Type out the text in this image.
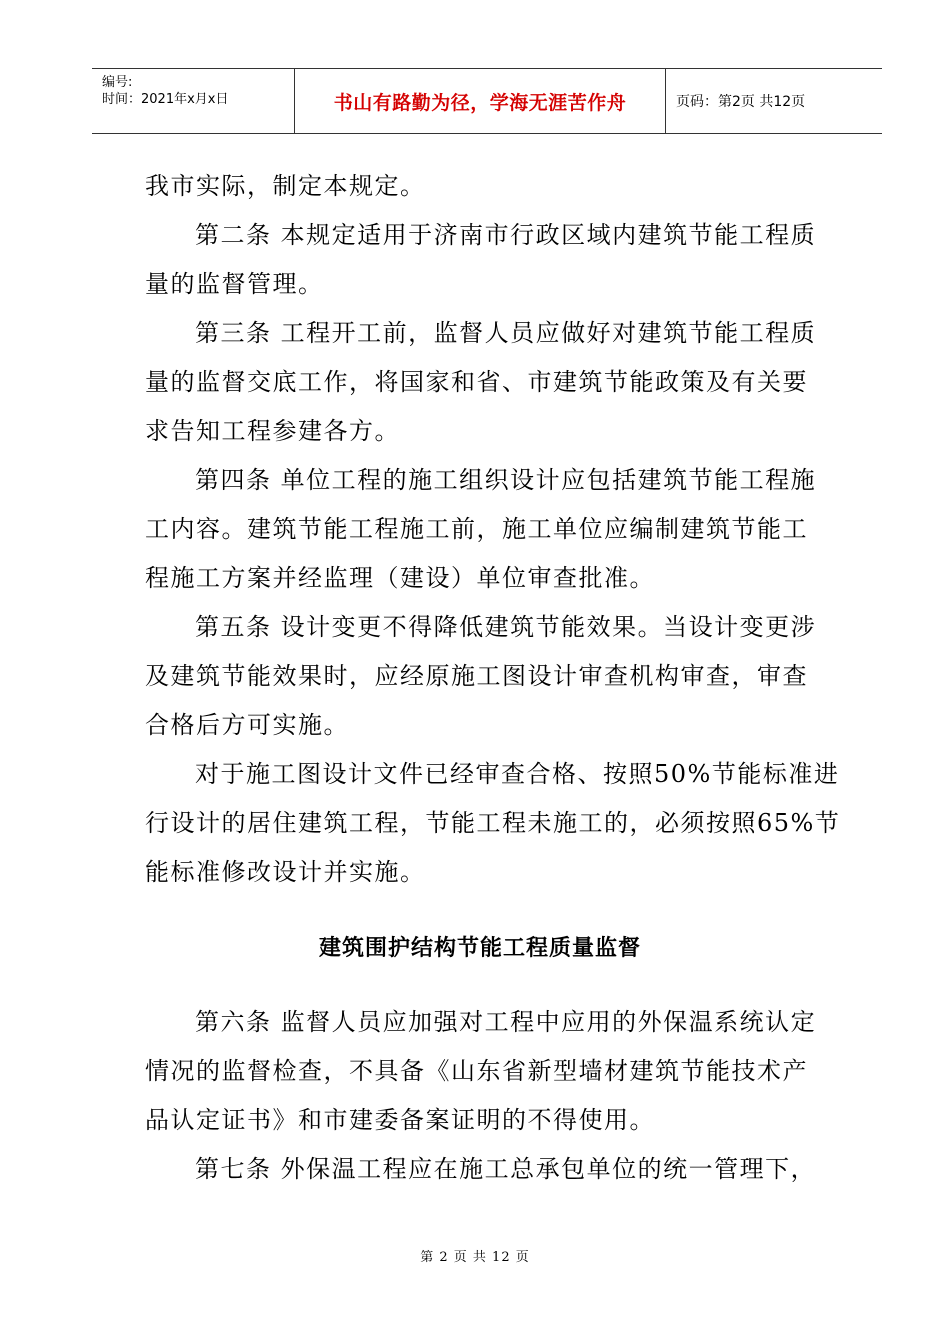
编号:
时间：2021年x月x日	书山有路勤为径，学海无涯苦作舟	页码：第2页 共12页

我市实际，制定本规定。

第二条 本规定适用于济南市行政区域内建筑节能工程质

量的监督管理。

第三条 工程开工前，监督人员应做好对建筑节能工程质

量的监督交底工作，将国家和省、市建筑节能政策及有关要

求告知工程参建各方。

第四条 单位工程的施工组织设计应包括建筑节能工程施

工内容。建筑节能工程施工前，施工单位应编制建筑节能工

程施工方案并经监理（建设）单位审查批准。

第五条 设计变更不得降低建筑节能效果。当设计变更涉

及建筑节能效果时，应经原施工图设计审查机构审查，审查

合格后方可实施。

对于施工图设计文件已经审查合格、按照50%节能标准进

行设计的居住建筑工程，节能工程未施工的，必须按照65%节

能标准修改设计并实施。

建筑围护结构节能工程质量监督

第六条 监督人员应加强对工程中应用的外保温系统认定

情况的监督检查，不具备《山东省新型墙材建筑节能技术产

品认定证书》和市建委备案证明的不得使用。

第七条 外保温工程应在施工总承包单位的统一管理下，

第 2 页 共 12 页
